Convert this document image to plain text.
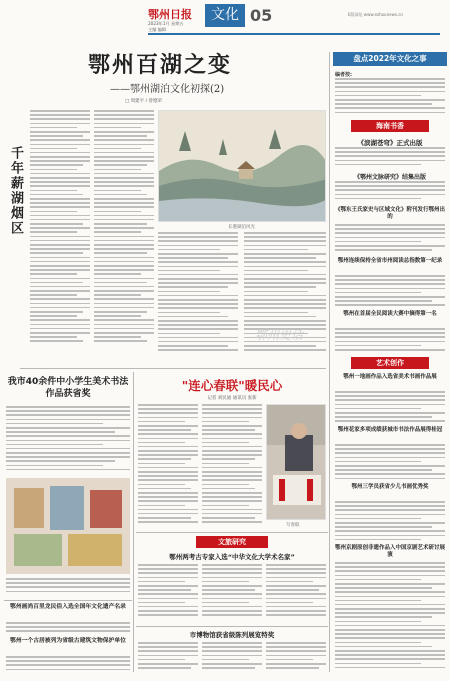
鄂州日报
2023年1月 星期五
主编 编辑
文化 05	E版网址 www.ezhounews.cn
鄂州百湖之变
——鄂州湖泊文化初探(2)
□ 周建平 / 曾德荣
千年薪湖烟区	长港湖泊风光
鄂州史话
盘点2022年文化之事
编者按:
海南书香
《滨湖苍穹》正式出版
《鄂州文脉研究》结集出版
《鄂东王氏家史与区域文化》附刊发行鄂州出的
鄂州连续保持全省市州阅读总指数第一纪录
鄂州在首届全民阅读大赛中摘得第一名
艺术创作
鄂州一地画作品入选省美术书画作品展
鄂州花家多项成绩获城市书法作品展得桂冠
鄂州三学员获省少儿书画优秀奖
鄂州京剧原创非遗作品入中国京剧艺术研讨展演
我市40余件中小学生美术书法作品获省奖
鄂州画尚百里龙民俗入选全国年文化遗产名录
鄂州一个古居被列为省级古建筑文物保护单位
"连心春联"暖民心
记者 刘民通 通讯员 张新
写春联
文旅研究
鄂州两考古专家入选“中华文化大学术名家”
市博物馆获省级陈列展览特奖
